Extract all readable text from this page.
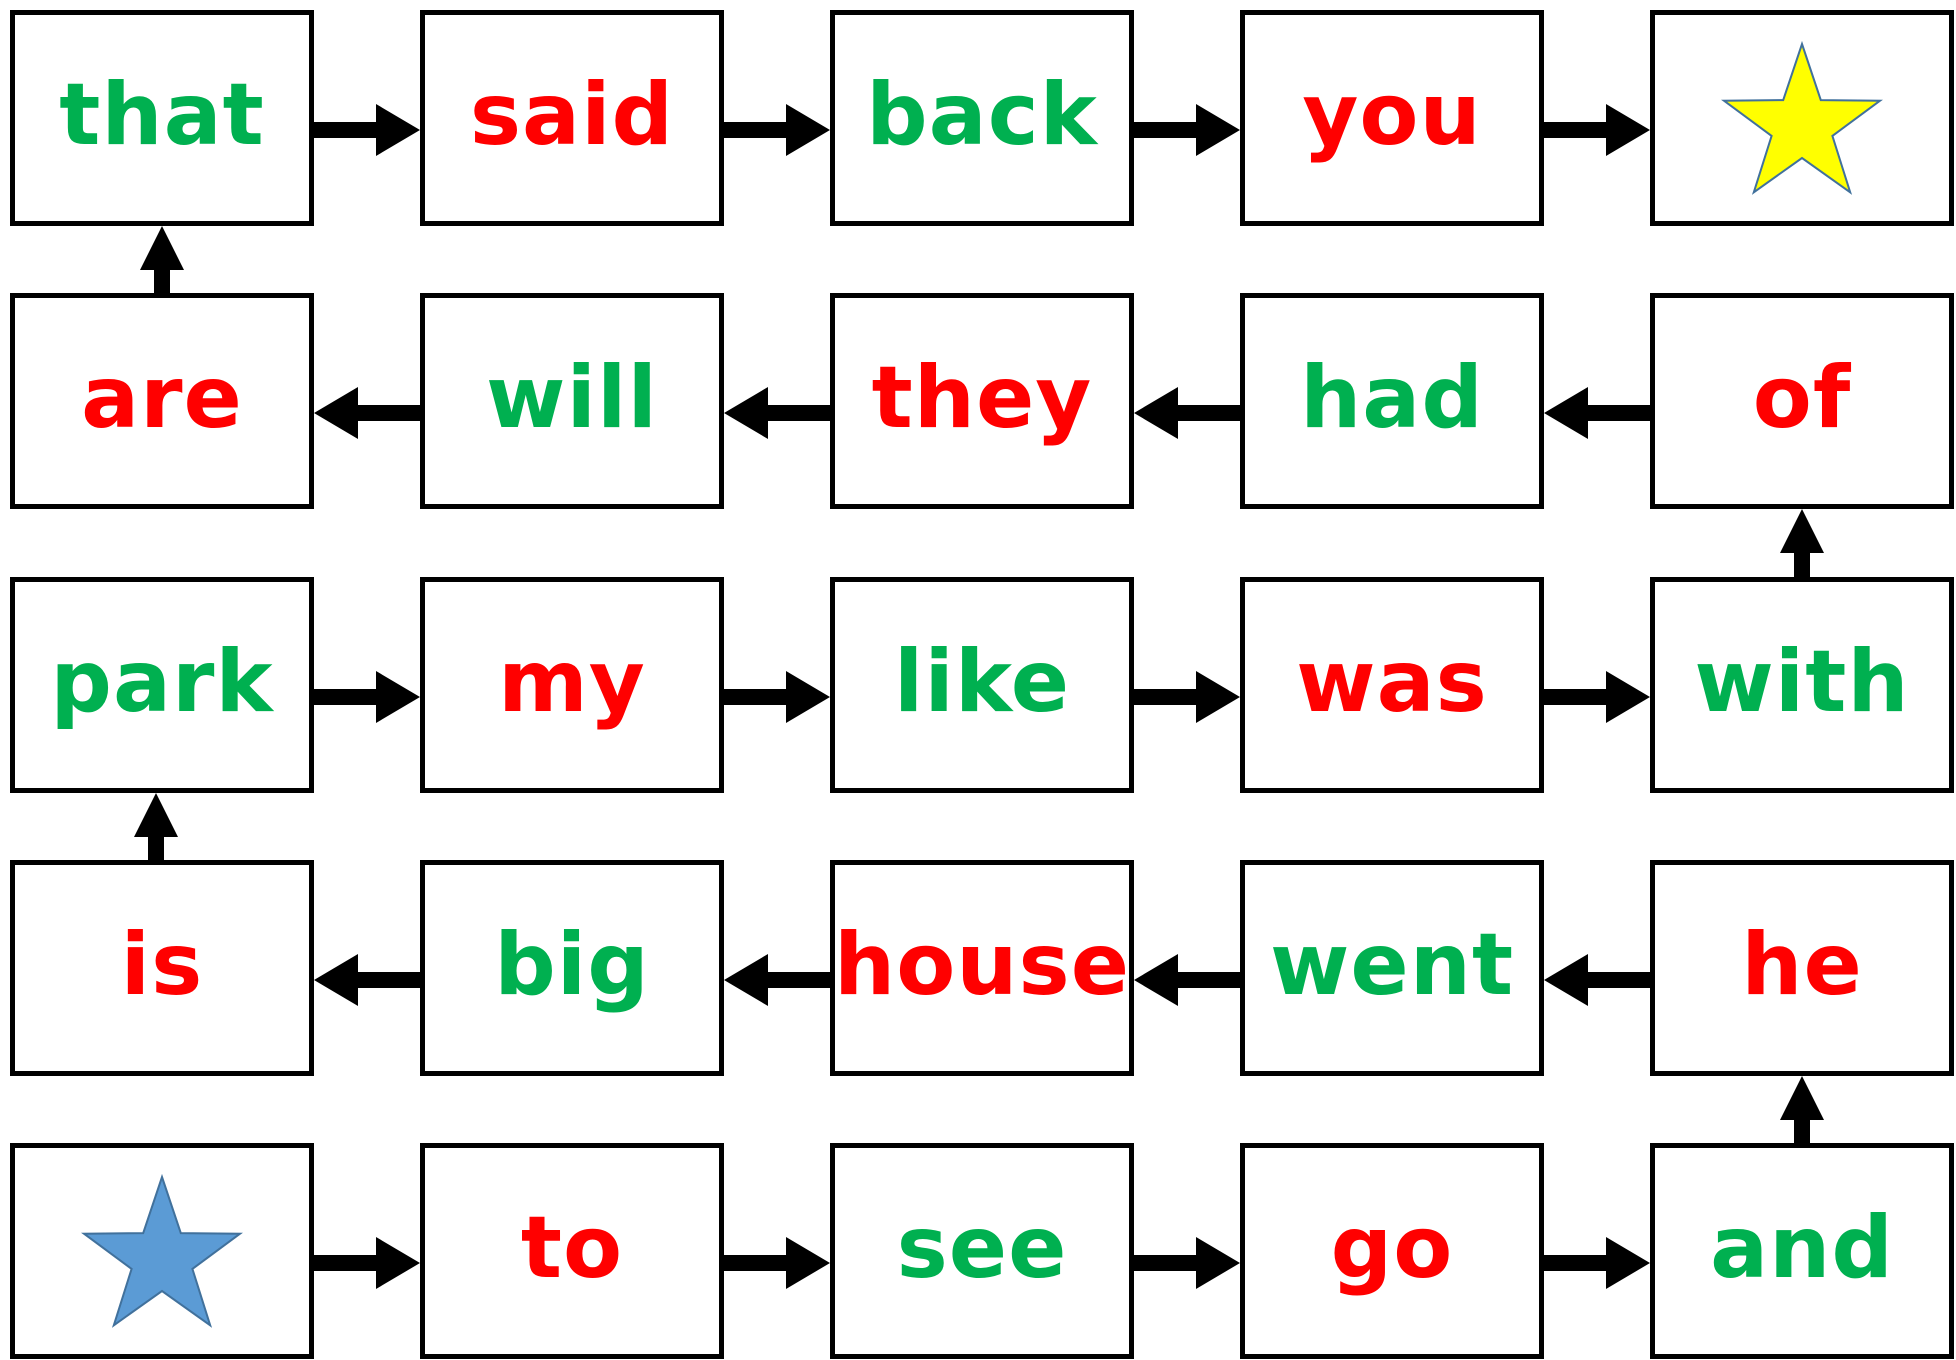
that said back you
are	will they had	of
park	my	like	was with
is	big house went	he
to	see	go	and
